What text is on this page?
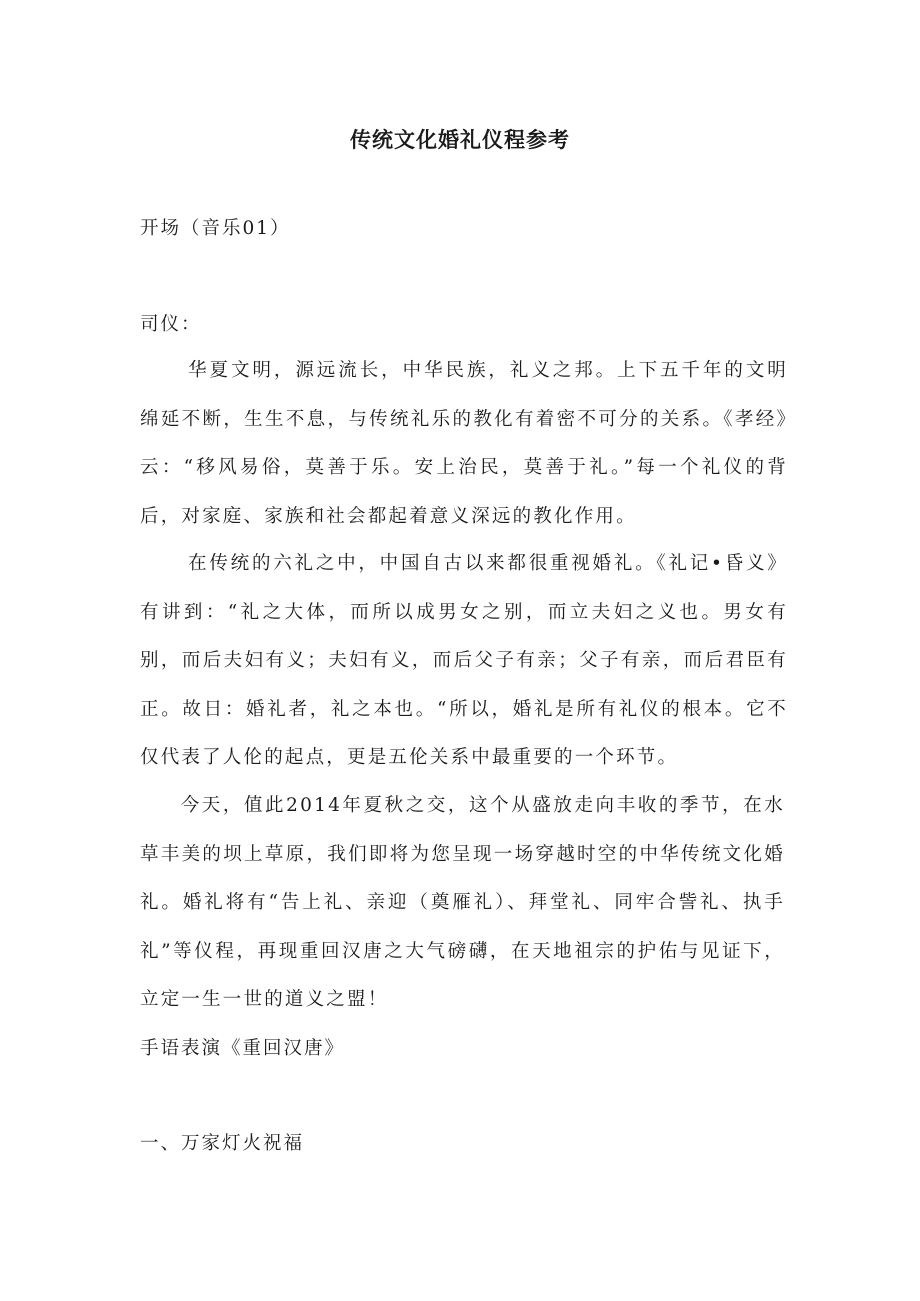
传统文化婚礼仪程参考

开场（音乐01）

司仪：

华夏文明，源远流长，中华民族，礼义之邦。上下五千年的文明绵延不断，生生不息，与传统礼乐的教化有着密不可分的关系。《孝经》云：“移风易俗，莫善于乐。安上治民，莫善于礼。”每一个礼仪的背后，对家庭、家族和社会都起着意义深远的教化作用。

在传统的六礼之中，中国自古以来都很重视婚礼。《礼记•昏义》有讲到：“礼之大体，而所以成男女之别，而立夫妇之义也。男女有别，而后夫妇有义；夫妇有义，而后父子有亲；父子有亲，而后君臣有正。故日：婚礼者，礼之本也。“所以，婚礼是所有礼仪的根本。它不仅代表了人伦的起点，更是五伦关系中最重要的一个环节。

今天，值此2014年夏秋之交，这个从盛放走向丰收的季节，在水草丰美的坝上草原，我们即将为您呈现一场穿越时空的中华传统文化婚礼。婚礼将有“告上礼、亲迎（奠雁礼）、拜堂礼、同牢合訾礼、执手礼”等仪程，再现重回汉唐之大气磅礴，在天地祖宗的护佑与见证下，立定一生一世的道义之盟！

手语表演《重回汉唐》

一、万家灯火祝福
